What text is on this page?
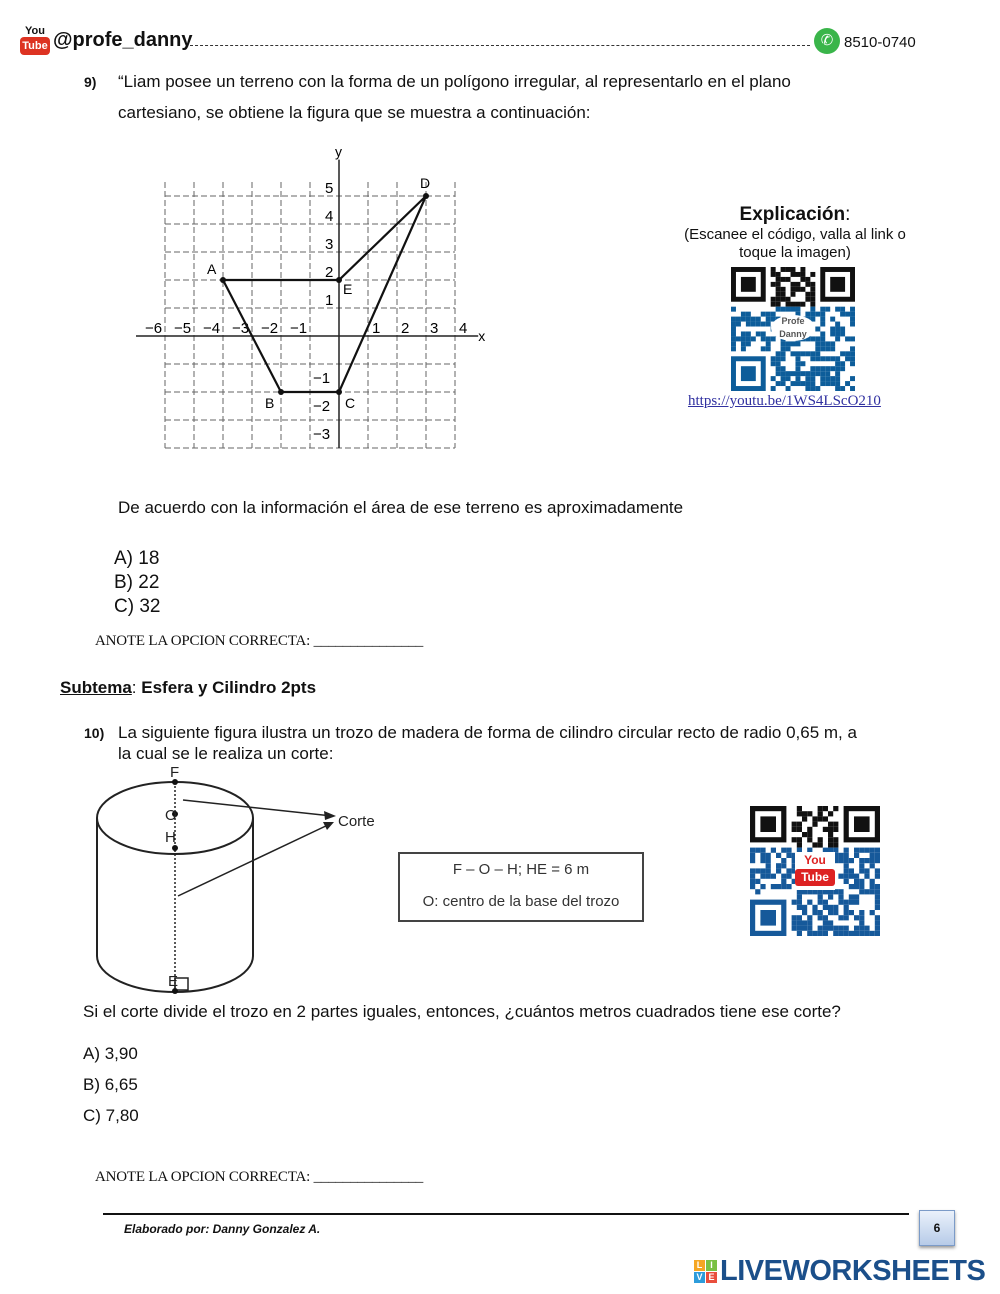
You
Tube @profe_danny	✆ 8510-0740
9) “Liam posee un terreno con la forma de un polígono irregular, al representarlo en el plano
cartesiano, se obtiene la figura que se muestra a continuación:
x
y
−6 −5 −4 −3 −2 −1	1 2 3 4
5
4
3
2
1
−1
−2
−3
A
B	C
E
D
Explicación:
(Escanee el código, valla al link o toque la imagen)
Profe Danny
https://youtu.be/1WS4LScO210
De acuerdo con la información el área de ese terreno es aproximadamente
A) 18
B) 22
C) 32
ANOTE LA OPCION CORRECTA: _______________
Subtema: Esfera y Cilindro 2pts
10) La siguiente figura ilustra un trozo de madera de forma de cilindro circular recto de radio 0,65 m, a
la cual se le realiza un corte:
F
O
H
E
Corte
F – O – H; HE = 6 m
O: centro de la base del trozo
You
Tube
Si el corte divide el trozo en 2 partes iguales, entonces, ¿cuántos metros cuadrados tiene ese corte?
A) 3,90
B) 6,65
C) 7,80
ANOTE LA OPCION CORRECTA: _______________
Elaborado por: Danny Gonzalez A.	6
L I
V E LIVEWORKSHEETS
